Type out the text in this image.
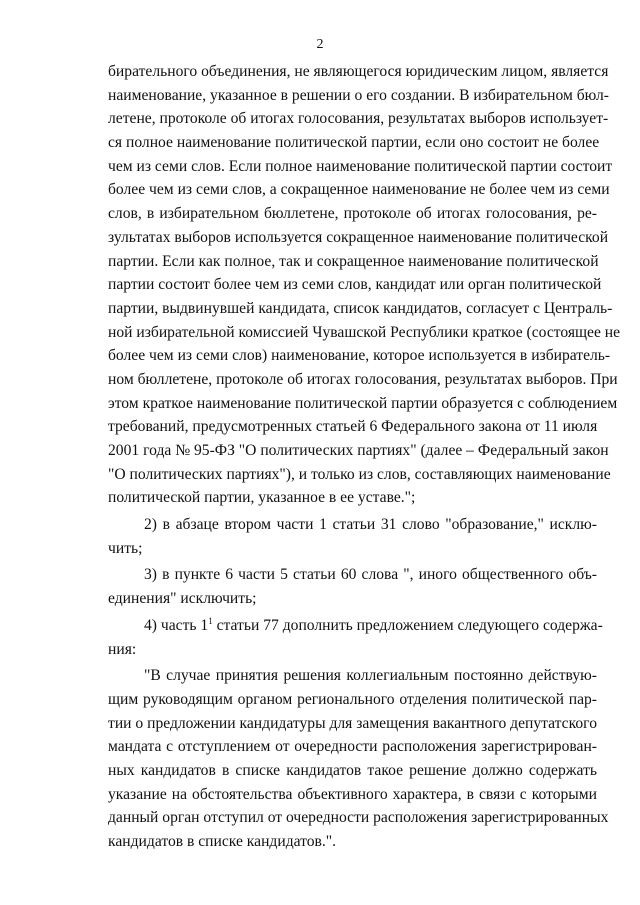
2
бирательного объединения, не являющегося юридическим лицом, является
наименование, указанное в решении о его создании. В избирательном бюл-
летене, протоколе об итогах голосования, результатах выборов использует-
ся полное наименование политической партии, если оно состоит не более
чем из семи слов. Если полное наименование политической партии состоит
более чем из семи слов, а сокращенное наименование не более чем из семи
слов, в избирательном бюллетене, протоколе об итогах голосования, ре-
зультатах выборов используется сокращенное наименование политической
партии. Если как полное, так и сокращенное наименование политической
партии состоит более чем из семи слов, кандидат или орган политической
партии, выдвинувшей кандидата, список кандидатов, согласует с Централь-
ной избирательной комиссией Чувашской Республики краткое (состоящее не
более чем из семи слов) наименование, которое используется в избиратель-
ном бюллетене, протоколе об итогах голосования, результатах выборов. При
этом краткое наименование политической партии образуется с соблюдением
требований, предусмотренных статьей 6 Федерального закона от 11 июля
2001 года № 95-ФЗ "О политических партиях" (далее – Федеральный закон
"О политических партиях"), и только из слов, составляющих наименование
политической партии, указанное в ее уставе.";
2) в абзаце втором части 1 статьи 31 слово "образование," исклю-
чить;
3) в пункте 6 части 5 статьи 60 слова ", иного общественного объ-
единения" исключить;
4) часть $1^1$ статьи 77 дополнить предложением следующего содержа-
ния:
"В случае принятия решения коллегиальным постоянно действую-
щим руководящим органом регионального отделения политической пар-
тии о предложении кандидатуры для замещения вакантного депутатского
мандата с отступлением от очередности расположения зарегистрирован-
ных кандидатов в списке кандидатов такое решение должно содержать
указание на обстоятельства объективного характера, в связи с которыми
данный орган отступил от очередности расположения зарегистрированных
кандидатов в списке кандидатов.".
